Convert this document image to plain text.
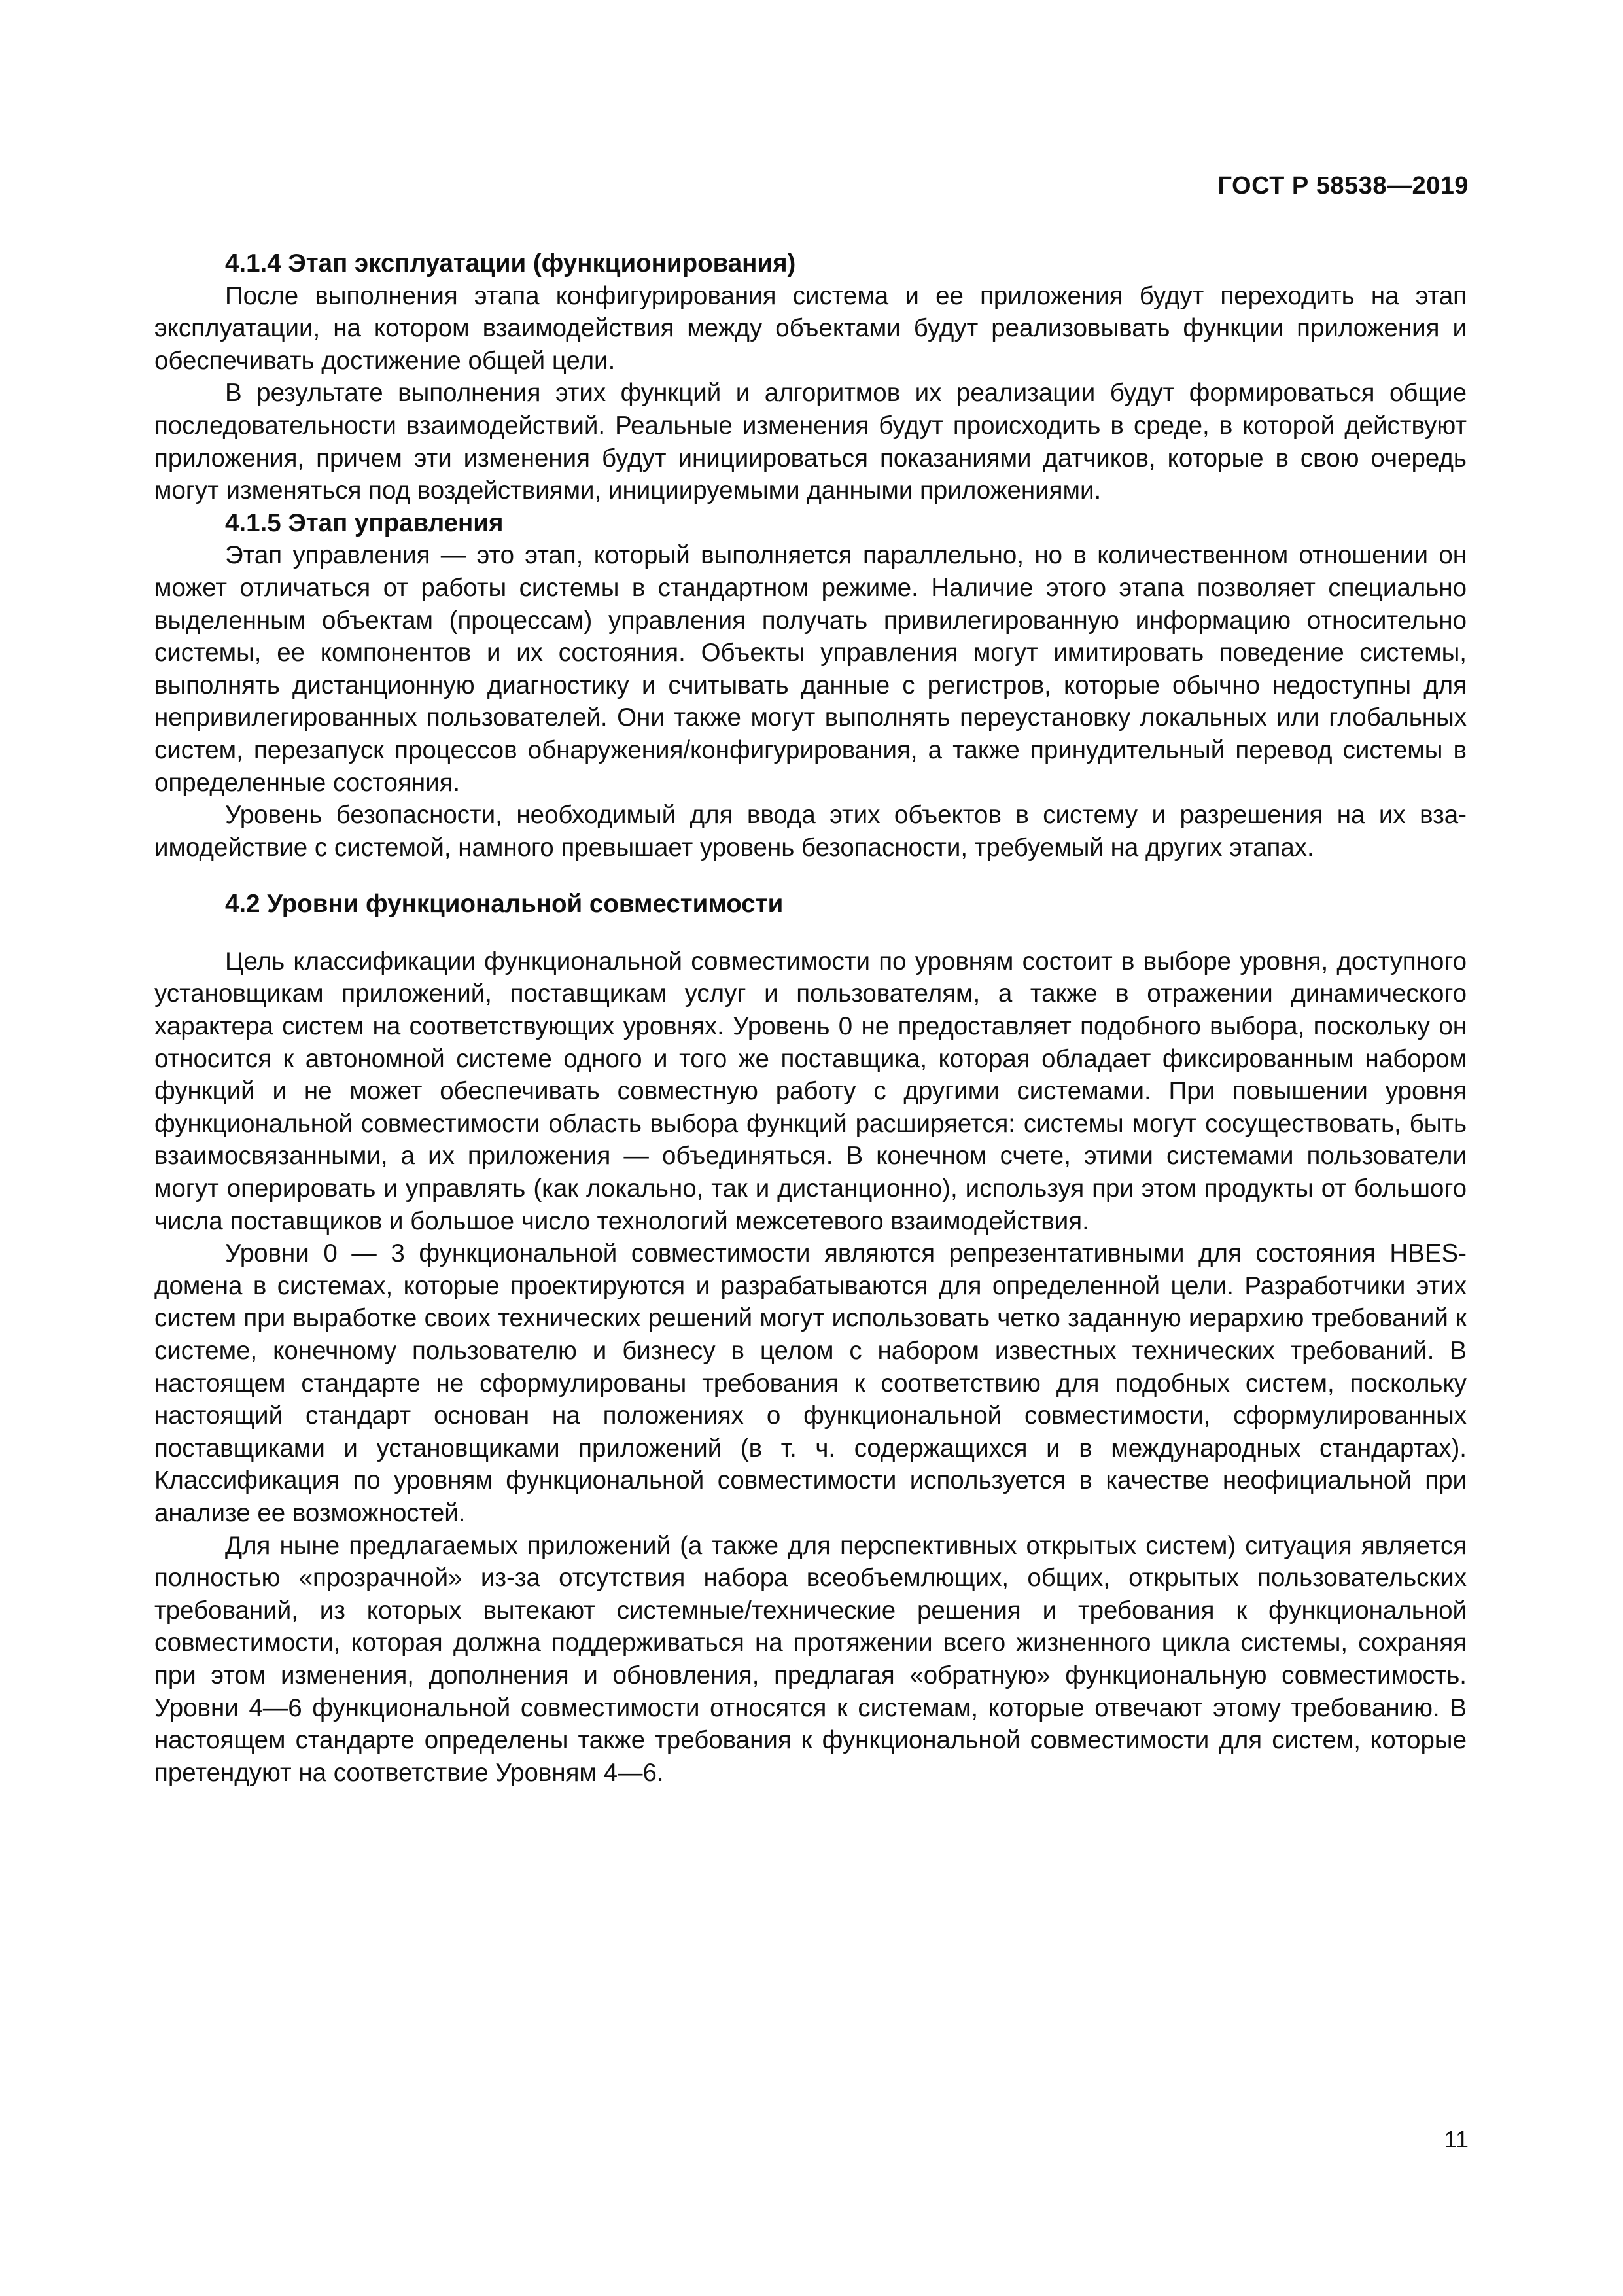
ГОСТ Р 58538—2019
4.1.4 Этап эксплуатации (функционирования)

После выполнения этапа конфигурирования система и ее приложения будут переходить на этап эксплуатации, на котором взаимодействия между объектами будут реализовывать функции приложения и обеспечивать достижение общей цели.

В результате выполнения этих функций и алгоритмов их реализации будут формироваться общие последовательности взаимодействий. Реальные изменения будут происходить в среде, в которой действуют приложения, причем эти изменения будут инициироваться показаниями датчиков, которые в свою очередь могут изменяться под воздействиями, инициируемыми данными приложениями.

4.1.5 Этап управления

Этап управления — это этап, который выполняется параллельно, но в количественном отношении он может отличаться от работы системы в стандартном режиме. Наличие этого этапа позволяет специально выделенным объектам (процессам) управления получать привилегированную информацию относительно системы, ее компонентов и их состояния. Объекты управления могут имитировать поведение системы, выполнять дистанционную диагностику и считывать данные с регистров, которые обычно недоступны для непривилегированных пользователей. Они также могут выполнять переустановку локальных или глобальных систем, перезапуск процессов обнаружения/конфигурирования, а также принудительный перевод системы в определенные состояния.

Уровень безопасности, необходимый для ввода этих объектов в систему и разрешения на их взаимодействие с системой, намного превышает уровень безопасности, требуемый на других этапах.

4.2 Уровни функциональной совместимости

Цель классификации функциональной совместимости по уровням состоит в выборе уровня, доступного установщикам приложений, поставщикам услуг и пользователям, а также в отражении динамического характера систем на соответствующих уровнях. Уровень 0 не предоставляет подобного выбора, поскольку он относится к автономной системе одного и того же поставщика, которая обладает фиксированным набором функций и не может обеспечивать совместную работу с другими системами. При повышении уровня функциональной совместимости область выбора функций расширяется: системы могут сосуществовать, быть взаимосвязанными, а их приложения — объединяться. В конечном счете, этими системами пользователи могут оперировать и управлять (как локально, так и дистанционно), используя при этом продукты от большого числа поставщиков и большое число технологий межсетевого взаимодействия.

Уровни 0 — 3 функциональной совместимости являются репрезентативными для состояния HBES-домена в системах, которые проектируются и разрабатываются для определенной цели. Разработчики этих систем при выработке своих технических решений могут использовать четко заданную иерархию требований к системе, конечному пользователю и бизнесу в целом с набором известных технических требований. В настоящем стандарте не сформулированы требования к соответствию для подобных систем, поскольку настоящий стандарт основан на положениях о функциональной совместимости, сформулированных поставщиками и установщиками приложений (в т. ч. содержащихся и в международных стандартах). Классификация по уровням функциональной совместимости используется в качестве неофициальной при анализе ее возможностей.

Для ныне предлагаемых приложений (а также для перспективных открытых систем) ситуация является полностью «прозрачной» из-за отсутствия набора всеобъемлющих, общих, открытых пользовательских требований, из которых вытекают системные/технические решения и требования к функциональной совместимости, которая должна поддерживаться на протяжении всего жизненного цикла системы, сохраняя при этом изменения, дополнения и обновления, предлагая «обратную» функциональную совместимость. Уровни 4—6 функциональной совместимости относятся к системам, которые отвечают этому требованию. В настоящем стандарте определены также требования к функциональной совместимости для систем, которые претендуют на соответствие Уровням 4—6.

11
